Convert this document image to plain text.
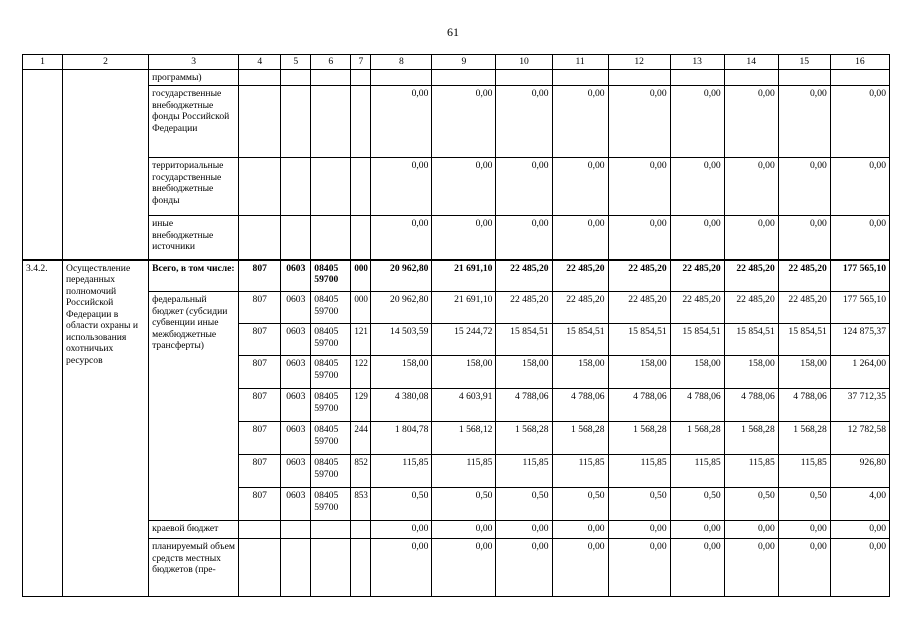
61
1	2	3	4	5	6	7	8	9	10	11	12	13	14	15	16
		программы)													
		государственные внебюджетные фонды Российской Федерации					0,00	0,00	0,00	0,00	0,00	0,00	0,00	0,00	0,00
		территориальные государственные внебюджетные фонды					0,00	0,00	0,00	0,00	0,00	0,00	0,00	0,00	0,00
		иные внебюджетные источники					0,00	0,00	0,00	0,00	0,00	0,00	0,00	0,00	0,00
3.4.2.	Осуществление переданных полномочий Российской Федерации в области охраны и использования охотничьих ресурсов	Всего, в том числе:	807	0603	08405 59700	000	20 962,80	21 691,10	22 485,20	22 485,20	22 485,20	22 485,20	22 485,20	22 485,20	177 565,10
		федеральный бюджет (субсидии субвенции иные межбюджетные трансферты)	807	0603	08405 59700	000	20 962,80	21 691,10	22 485,20	22 485,20	22 485,20	22 485,20	22 485,20	22 485,20	177 565,10
			807	0603	08405 59700	121	14 503,59	15 244,72	15 854,51	15 854,51	15 854,51	15 854,51	15 854,51	15 854,51	124 875,37
			807	0603	08405 59700	122	158,00	158,00	158,00	158,00	158,00	158,00	158,00	158,00	1 264,00
			807	0603	08405 59700	129	4 380,08	4 603,91	4 788,06	4 788,06	4 788,06	4 788,06	4 788,06	4 788,06	37 712,35
			807	0603	08405 59700	244	1 804,78	1 568,12	1 568,28	1 568,28	1 568,28	1 568,28	1 568,28	1 568,28	12 782,58
			807	0603	08405 59700	852	115,85	115,85	115,85	115,85	115,85	115,85	115,85	115,85	926,80
			807	0603	08405 59700	853	0,50	0,50	0,50	0,50	0,50	0,50	0,50	0,50	4,00
		краевой бюджет					0,00	0,00	0,00	0,00	0,00	0,00	0,00	0,00	0,00
		планируемый объем средств местных бюджетов (пре-					0,00	0,00	0,00	0,00	0,00	0,00	0,00	0,00	0,00
